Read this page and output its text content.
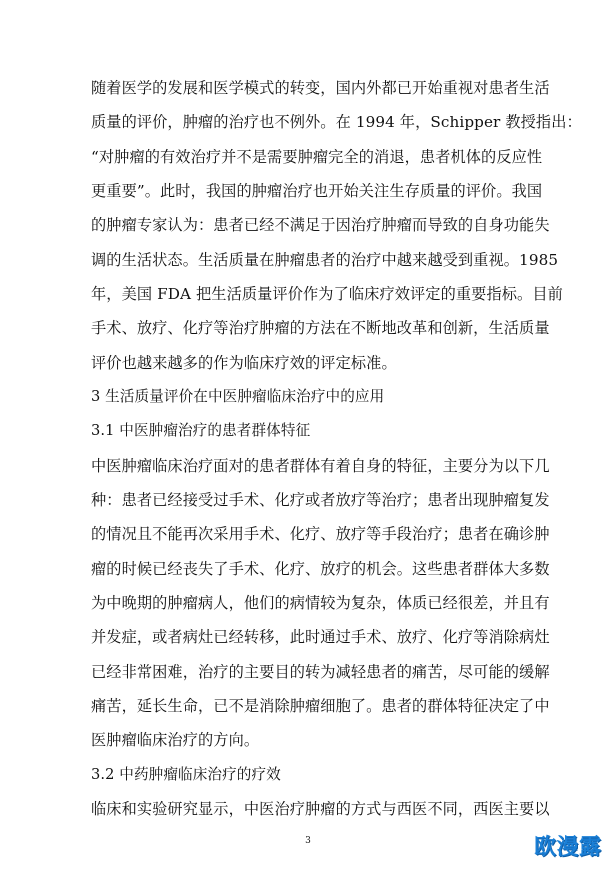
随着医学的发展和医学模式的转变，国内外都已开始重视对患者生活
质量的评价，肿瘤的治疗也不例外。在 1994 年，Schipper 教授指出：
“对肿瘤的有效治疗并不是需要肿瘤完全的消退，患者机体的反应性
更重要”。此时，我国的肿瘤治疗也开始关注生存质量的评价。我国
的肿瘤专家认为：患者已经不满足于因治疗肿瘤而导致的自身功能失
调的生活状态。生活质量在肿瘤患者的治疗中越来越受到重视。1985
年，美国 FDA 把生活质量评价作为了临床疗效评定的重要指标。目前
手术、放疗、化疗等治疗肿瘤的方法在不断地改革和创新，生活质量
评价也越来越多的作为临床疗效的评定标准。
3 生活质量评价在中医肿瘤临床治疗中的应用
3.1 中医肿瘤治疗的患者群体特征
中医肿瘤临床治疗面对的患者群体有着自身的特征，主要分为以下几
种：患者已经接受过手术、化疗或者放疗等治疗；患者出现肿瘤复发
的情况且不能再次采用手术、化疗、放疗等手段治疗；患者在确诊肿
瘤的时候已经丧失了手术、化疗、放疗的机会。这些患者群体大多数
为中晚期的肿瘤病人，他们的病情较为复杂，体质已经很差，并且有
并发症，或者病灶已经转移，此时通过手术、放疗、化疗等消除病灶
已经非常困难，治疗的主要目的转为减轻患者的痛苦，尽可能的缓解
痛苦，延长生命，已不是消除肿瘤细胞了。患者的群体特征决定了中
医肿瘤临床治疗的方向。
3.2 中药肿瘤临床治疗的疗效
临床和实验研究显示，中医治疗肿瘤的方式与西医不同，西医主要以
3	欧漫露
